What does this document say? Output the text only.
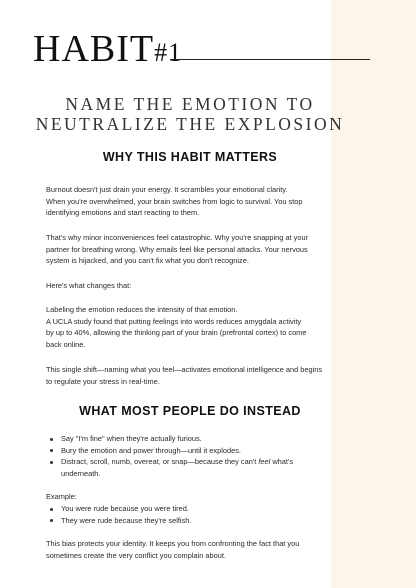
HABIT#1
NAME THE EMOTION TO
NEUTRALIZE THE EXPLOSION
WHY THIS HABIT MATTERS

Burnout doesn't just drain your energy. It scrambles your emotional clarity.

When you're overwhelmed, your brain switches from logic to survival. You stop

identifying emotions and start reacting to them.

That's why minor inconveniences feel catastrophic. Why you're snapping at your

partner for breathing wrong. Why emails feel like personal attacks. Your nervous

system is hijacked, and you can't fix what you don't recognize.

Here's what changes that:

Labeling the emotion reduces the intensity of that emotion.

A UCLA study found that putting feelings into words reduces amygdala activity

by up to 40%, allowing the thinking part of your brain (prefrontal cortex) to come

back online.

This single shift—naming what you feel—activates emotional intelligence and begins

to regulate your stress in real-time.

WHAT MOST PEOPLE DO INSTEAD
Say "I'm fine" when they're actually furious.
Bury the emotion and power through—until it explodes.
Distract, scroll, numb, overeat, or snap—because they can't feel what's
underneath.

Example:

You were rude because you were tired.
They were rude because they're selfish.

This bias protects your identity. It keeps you from confronting the fact that you

sometimes create the very conflict you complain about.
